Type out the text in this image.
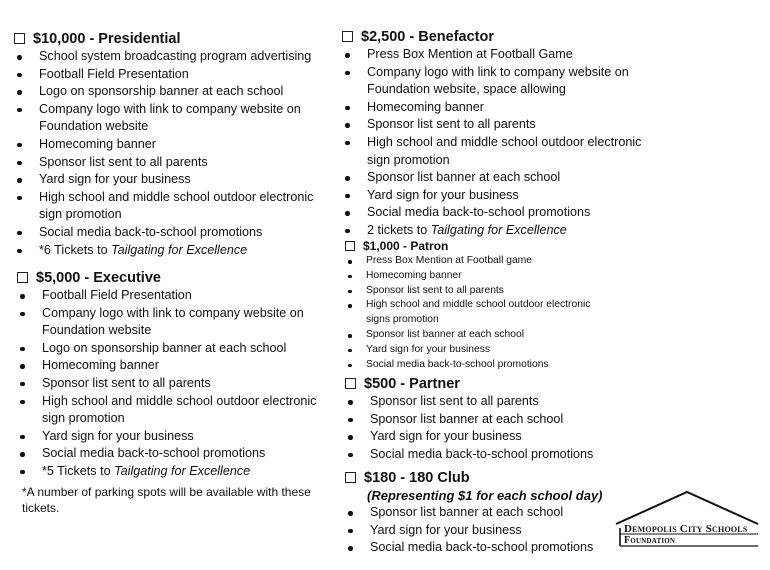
$10,000 - Presidential
School system broadcasting program advertising
Football Field Presentation
Logo on sponsorship banner at each school
Company logo with link to company website on Foundation website
Homecoming banner
Sponsor list sent to all parents
Yard sign for your business
High school and middle school outdoor electronic sign promotion
Social media back-to-school promotions
*6 Tickets to Tailgating for Excellence
$5,000 - Executive
Football Field Presentation
Company logo with link to company website on Foundation website
Logo on sponsorship banner at each school
Homecoming banner
Sponsor list sent to all parents
High school and middle school outdoor electronic sign promotion
Yard sign for your business
Social media back-to-school promotions
*5 Tickets to Tailgating for Excellence
*A number of parking spots will be available with these tickets.
$2,500 - Benefactor
Press Box Mention at Football Game
Company logo with link to company website on Foundation website, space allowing
Homecoming banner
Sponsor list sent to all parents
High school and middle school outdoor electronic sign promotion
Sponsor list banner at each school
Yard sign for your business
Social media back-to-school promotions
2 tickets to Tailgating for Excellence
$1,000 - Patron
Press Box Mention at Football game
Homecoming banner
Sponsor list sent to all parents
High school and middle school outdoor electronic signs promotion
Sponsor list banner at each school
Yard sign for your business
Social media back-to-school promotions
$500 - Partner
Sponsor list sent to all parents
Sponsor list banner at each school
Yard sign for your business
Social media back-to-school promotions
$180 - 180 Club
(Representing $1 for each school day)
Sponsor list banner at each school
Yard sign for your business
Social media back-to-school promotions
Demopolis City Schools
Foundation
